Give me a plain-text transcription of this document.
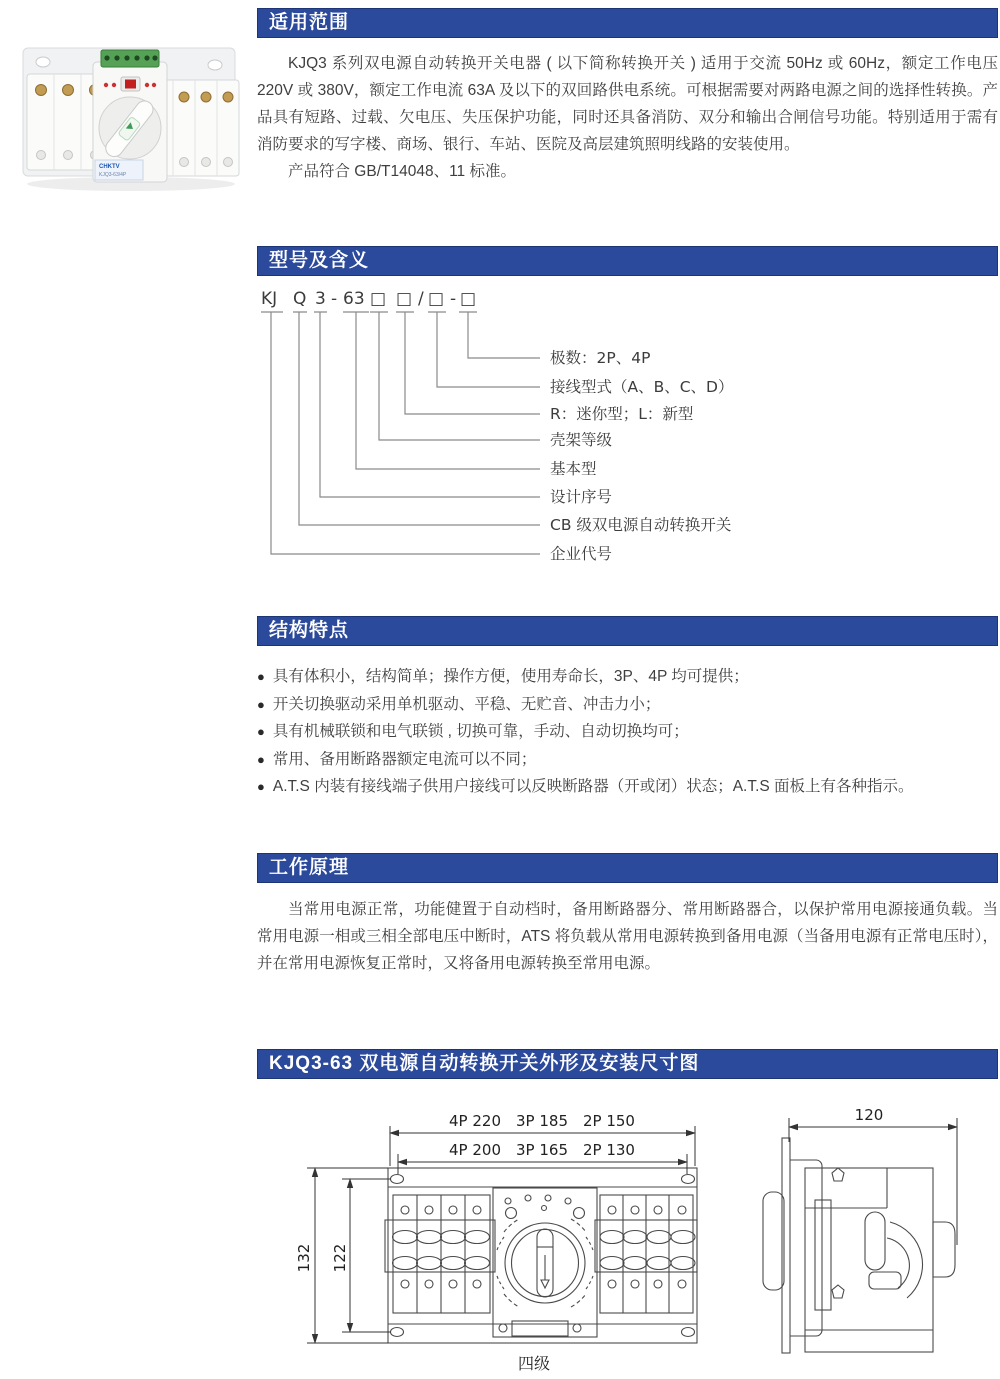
CHKTV
KJQ3-63/4P
适用范围
KJQ3 系列双电源自动转换开关电器 ( 以下简称转换开关 ) 适用于交流 50Hz 或 60Hz，额定工作电压 220V 或 380V，额定工作电流 63A 及以下的双回路供电系统。可根据需要对两路电源之间的选择性转换。产品具有短路、过载、欠电压、失压保护功能，同时还具备消防、双分和输出合闸信号功能。特别适用于需有消防要求的写字楼、商场、银行、车站、医院及高层建筑照明线路的安装使用。
产品符合 GB/T14048、11 标准。
型号及含义
KJ Q 3 - 63 □ □ / □ - □
极数：2P、4P
接线型式（A、B、C、D）
R：迷你型；L：新型
壳架等级
基本型
设计序号
CB 级双电源自动转换开关
企业代号
结构特点
● 具有体积小，结构简单；操作方便，使用寿命长，3P、4P 均可提供；
● 开关切换驱动采用单机驱动、平稳、无贮音、冲击力小；
● 具有机械联锁和电气联锁 , 切换可靠，手动、自动切换均可；
● 常用、备用断路器额定电流可以不同；
● A.T.S 内装有接线端子供用户接线可以反映断路器（开或闭）状态；A.T.S 面板上有各种指示。
工作原理
当常用电源正常，功能健置于自动档时，备用断路器分、常用断路器合，以保护常用电源接通负载。当常用电源一相或三相全部电压中断时，ATS 将负载从常用电源转换到备用电源（当备用电源有正常电压时），并在常用电源恢复正常时，又将备用电源转换至常用电源。
KJQ3-63 双电源自动转换开关外形及安装尺寸图
4P 220　3P 185　2P 150
4P 200　3P 165　2P 130
132 122
四级
120
